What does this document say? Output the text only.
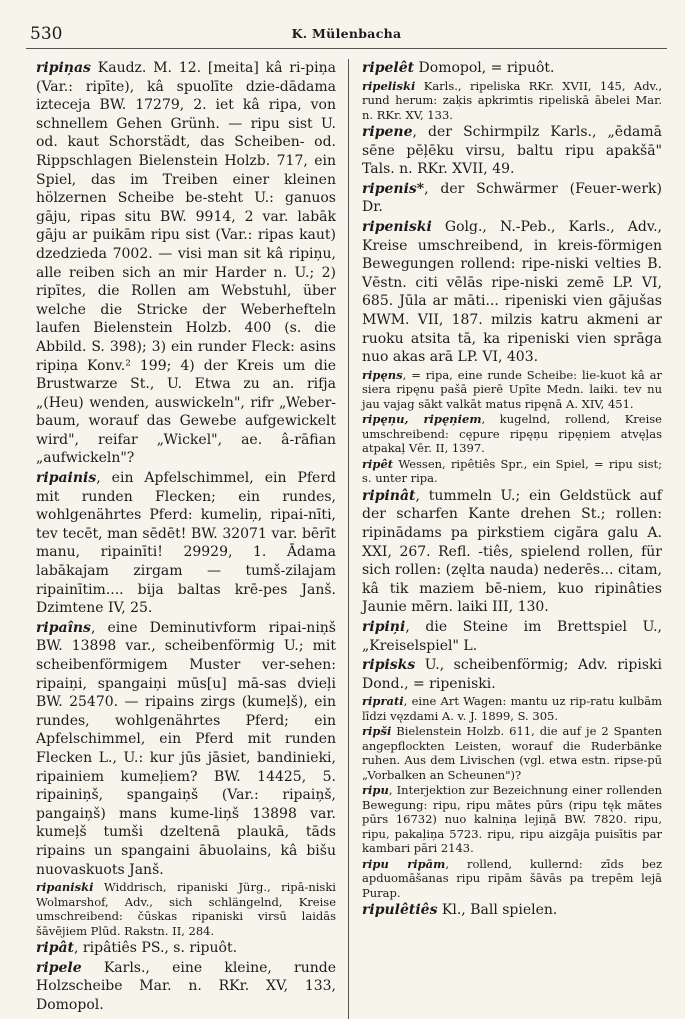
530	K. Mülenbacha

ripiņas Kaudz. M. 12. [meita] kâ ri-piņa (Var.: ripīte), kâ spuolīte dzie-dādama izteceja BW. 17279, 2. iet kâ ripa, von schnellem Gehen Grünh. — ripu sist U. od. kaut Schorstädt, das Scheiben- od. Rippschlagen Bielenstein Holzb. 717, ein Spiel, das im Treiben einer kleinen hölzernen Scheibe be-steht U.: ganuos gāju, ripas situ BW. 9914, 2 var. labāk gāju ar puikām ripu sist (Var.: ripas kaut) dzedzieda 7002. — visi man sit kâ ripiņu, alle reiben sich an mir Harder n. U.; 2) ripītes, die Rollen am Webstuhl, über welche die Stricke der Weberhefteln laufen Bielenstein Holzb. 400 (s. die Abbild. S. 398); 3) ein runder Fleck: asins ripiņa Konv.² 199; 4) der Kreis um die Brustwarze St., U. Etwa zu an. rifja „(Heu) wenden, auswickeln", rifr „Weber-baum, worauf das Gewebe aufgewickelt wird", reifar „Wickel", ae. â-rāfian „aufwickeln"?

ripainis, ein Apfelschimmel, ein Pferd mit runden Flecken; ein rundes, wohlgenährtes Pferd: kumeliņ, ripai-nīti, tev tecēt, man sēdēt! BW. 32071 var. bērīt manu, ripainīti! 29929, 1. Ādama labākajam zirgam — tumš-zilajam ripainītim.... bija baltas krē-pes Janš. Dzimtene IV, 25.

ripaîns, eine Deminutivform ripai-niņš BW. 13898 var., scheibenförmig U.; mit scheibenförmigem Muster ver-sehen: ripaiņi, spangaiņi mūs[u] mā-sas dvieļi BW. 25470. — ripains zirgs (kumeļš), ein rundes, wohlgenährtes Pferd; ein Apfelschimmel, ein Pferd mit runden Flecken L., U.: kur jūs jāsiet, bandinieki, ripainiem kumeļiem? BW. 14425, 5. ripainiņš, spangaiņš (Var.: ripaiņš, pangaiņš) mans kume-liņš 13898 var. kumeļš tumši dzeltenā plaukā, tāds ripains un spangaini ābuolains, kâ bišu nuovaskuots Janš.

ripaniski Widdrisch, ripaniski Jürg., ripā-niski Wolmarshof, Adv., sich schlängelnd, Kreise umschreibend: čūskas ripaniski virsū laidās šāvējiem Plūd. Rakstn. II, 284.

ripât, ripâtiês PS., s. ripuôt.

ripele Karls., eine kleine, runde Holzscheibe Mar. n. RKr. XV, 133, Domopol.

ripelêt Domopol, = ripuôt.

ripeliski Karls., ripeliska RKr. XVII, 145, Adv., rund herum: zaķis apkrimtis ripeliskā ābelei Mar. n. RKr. XV, 133.

ripene, der Schirmpilz Karls., „ēdamā sēne pēļēku virsu, baltu ripu apakšā" Tals. n. RKr. XVII, 49.

ripenis*, der Schwärmer (Feuer-werk) Dr.

ripeniski Golg., N.-Peb., Karls., Adv., Kreise umschreibend, in kreis-förmigen Bewegungen rollend: ripe-niski velties B. Vēstn. citi vēlās ripe-niski zemē LP. VI, 685. Jūla ar māti... ripeniski vien gājušas MWM. VII, 187. milzis katru akmeni ar ruoku atsita tā, ka ripeniski vien sprāga nuo akas arā LP. VI, 403.

ripęns, = ripa, eine runde Scheibe: lie-kuot kâ ar siera ripęnu pašā pierē Upīte Medn. laiki. tev nu jau vajag sākt valkāt matus ripęnā A. XIV, 451.

ripęņu, ripęņiem, kugelnd, rollend, Kreise umschreibend: cępure ripęņu ripęņiem atvęļas atpakaļ Vēr. II, 1397.

ripêt Wessen, ripêtiês Spr., ein Spiel, = ripu sist; s. unter ripa.

ripinât, tummeln U.; ein Geldstück auf der scharfen Kante drehen St.; rollen: ripinādams pa pirkstiem cigāra galu A. XXI, 267. Refl. -tiês, spielend rollen, für sich rollen: (zęlta nauda) nederēs... citam, kâ tik maziem bē-niem, kuo ripinâties Jaunie mērn. laiki III, 130.

ripiņi, die Steine im Brettspiel U., „Kreiselspiel" L.

ripisks U., scheibenförmig; Adv. ripiski Dond., = ripeniski.

riprati, eine Art Wagen: mantu uz rip-ratu kulbām līdzi vęzdami A. v. J. 1899, S. 305.

ripši Bielenstein Holzb. 611, die auf je 2 Spanten angepflockten Leisten, worauf die Ruderbänke ruhen. Aus dem Livischen (vgl. etwa estn. ripse-pū „Vorbalken an Scheunen")?

ripu, Interjektion zur Bezeichnung einer rollenden Bewegung: ripu, ripu mātes pūrs (ripu tęk mātes pūrs 16732) nuo kalniņa lejiņā BW. 7820. ripu, ripu, pakaļiņa 5723. ripu, ripu aizgāja puisītis par kambari pāri 2143.

ripu ripām, rollend, kullernd: zīds bez apduomāšanas ripu ripām šāvās pa trepēm lejā Purap.

ripulêtiês Kl., Ball spielen.
